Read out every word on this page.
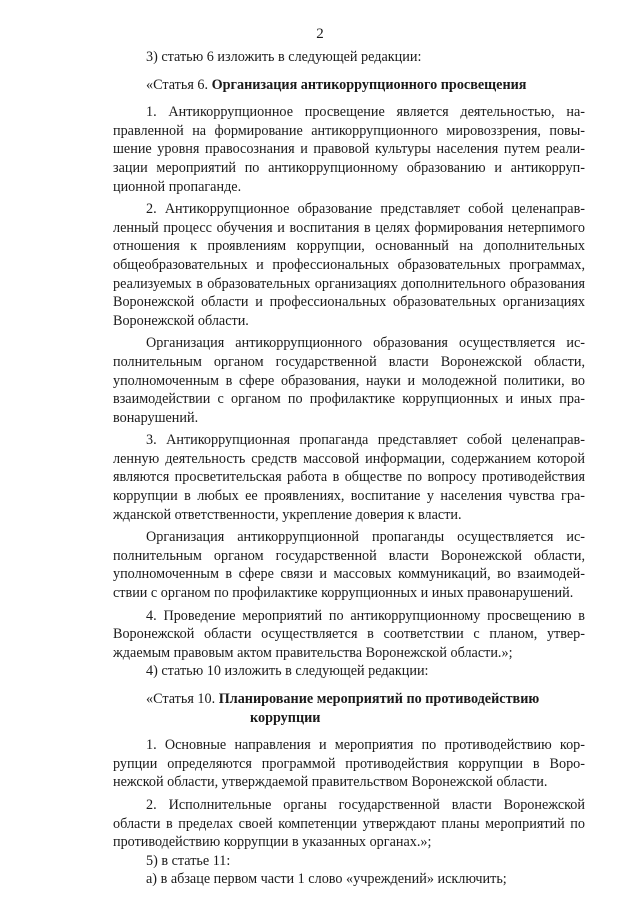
2

3) статью 6 изложить в следующей редакции:

«Статья 6. Организация антикоррупционного просвещения

1. Антикоррупционное просвещение является деятельностью, направленной на формирование антикоррупционного мировоззрения, повышение уровня правосознания и правовой культуры населения путем реализации мероприятий по антикоррупционному образованию и антикоррупционной пропаганде.

2. Антикоррупционное образование представляет собой целенаправленный процесс обучения и воспитания в целях формирования нетерпимого отношения к проявлениям коррупции, основанный на дополнительных общеобразовательных и профессиональных образовательных программах, реализуемых в образовательных организациях дополнительного образования Воронежской области и профессиональных образовательных организациях Воронежской области.

Организация антикоррупционного образования осуществляется исполнительным органом государственной власти Воронежской области, уполномоченным в сфере образования, науки и молодежной политики, во взаимодействии с органом по профилактике коррупционных и иных правонарушений.

3. Антикоррупционная пропаганда представляет собой целенаправленную деятельность средств массовой информации, содержанием которой являются просветительская работа в обществе по вопросу противодействия коррупции в любых ее проявлениях, воспитание у населения чувства гражданской ответственности, укрепление доверия к власти.

Организация антикоррупционной пропаганды осуществляется исполнительным органом государственной власти Воронежской области, уполномоченным в сфере связи и массовых коммуникаций, во взаимодействии с органом по профилактике коррупционных и иных правонарушений.

4. Проведение мероприятий по антикоррупционному просвещению в Воронежской области осуществляется в соответствии с планом, утверждаемым правовым актом правительства Воронежской области.»;

4) статью 10 изложить в следующей редакции:

«Статья 10. Планирование мероприятий по противодействию
коррупции

1. Основные направления и мероприятия по противодействию коррупции определяются программой противодействия коррупции в Воронежской области, утверждаемой правительством Воронежской области.

2. Исполнительные органы государственной власти Воронежской области в пределах своей компетенции утверждают планы мероприятий по противодействию коррупции в указанных органах.»;

5) в статье 11:

а) в абзаце первом части 1 слово «учреждений» исключить;
